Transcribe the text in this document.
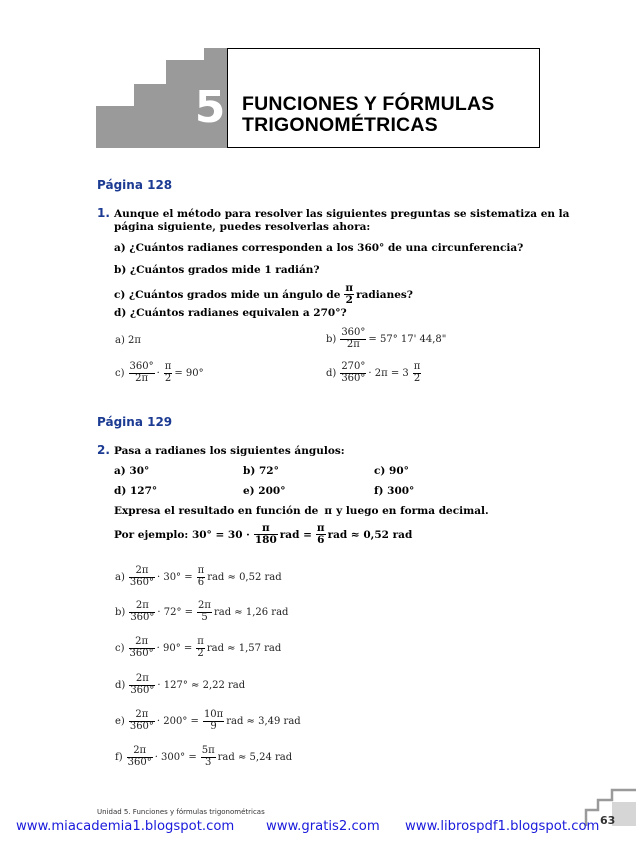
5 FUNCIONES Y FÓRMULAS
TRIGONOMÉTRICAS
Página 128
1. Aunque el método para resolver las siguientes preguntas se sistematiza en la
página siguiente, puedes resolverlas ahora:
a) ¿Cuántos radianes corresponden a los 360° de una circunferencia?
b) ¿Cuántos grados mide 1 radián?
c) ¿Cuántos grados mide un ángulo de $\frac{\pi}{2}$ radianes?
d) ¿Cuántos radianes equivalen a 270°?
a) 2π	$b) \frac{360^\circ}{2\pi} = 57^\circ$ 17' 44,8"
$c) \frac{360^\circ}{2\pi} \cdot \frac{\pi}{2} = 90^\circ$	$d) \frac{270^\circ}{360^\circ} \cdot 2\pi = 3 \frac{\pi}{2}$
Página 129
2. Pasa a radianes los siguientes ángulos:
a) 30°	b) 72°	c) 90°
d) 127°	e) 200°	f) 300°
Expresa el resultado en función de π y luego en forma decimal.
Por ejemplo: $30^\circ = 30 \cdot \frac{\pi}{180}$ rad = $\frac{\pi}{6}$ rad ≈ 0,52 rad
$a) \frac{2\pi}{360^\circ} \cdot 30^\circ = \frac{\pi}{6}$ rad ≈ 0,52 rad
$b) \frac{2\pi}{360^\circ} \cdot 72^\circ = \frac{2\pi}{5}$ rad ≈ 1,26 rad
$c) \frac{2\pi}{360^\circ} \cdot 90^\circ = \frac{\pi}{2}$ rad ≈ 1,57 rad
$d) \frac{2\pi}{360^\circ} \cdot 127^\circ \approx 2,22$ rad
$e) \frac{2\pi}{360^\circ} \cdot 200^\circ = \frac{10\pi}{9}$ rad ≈ 3,49 rad
$f) \frac{2\pi}{360^\circ} \cdot 300^\circ = \frac{5\pi}{3}$ rad ≈ 5,24 rad
Unidad 5. Funciones y fórmulas trigonométricas
63
www.miacademia1.blogspot.com www.gratis2.com www.librospdf1.blogspot.com
